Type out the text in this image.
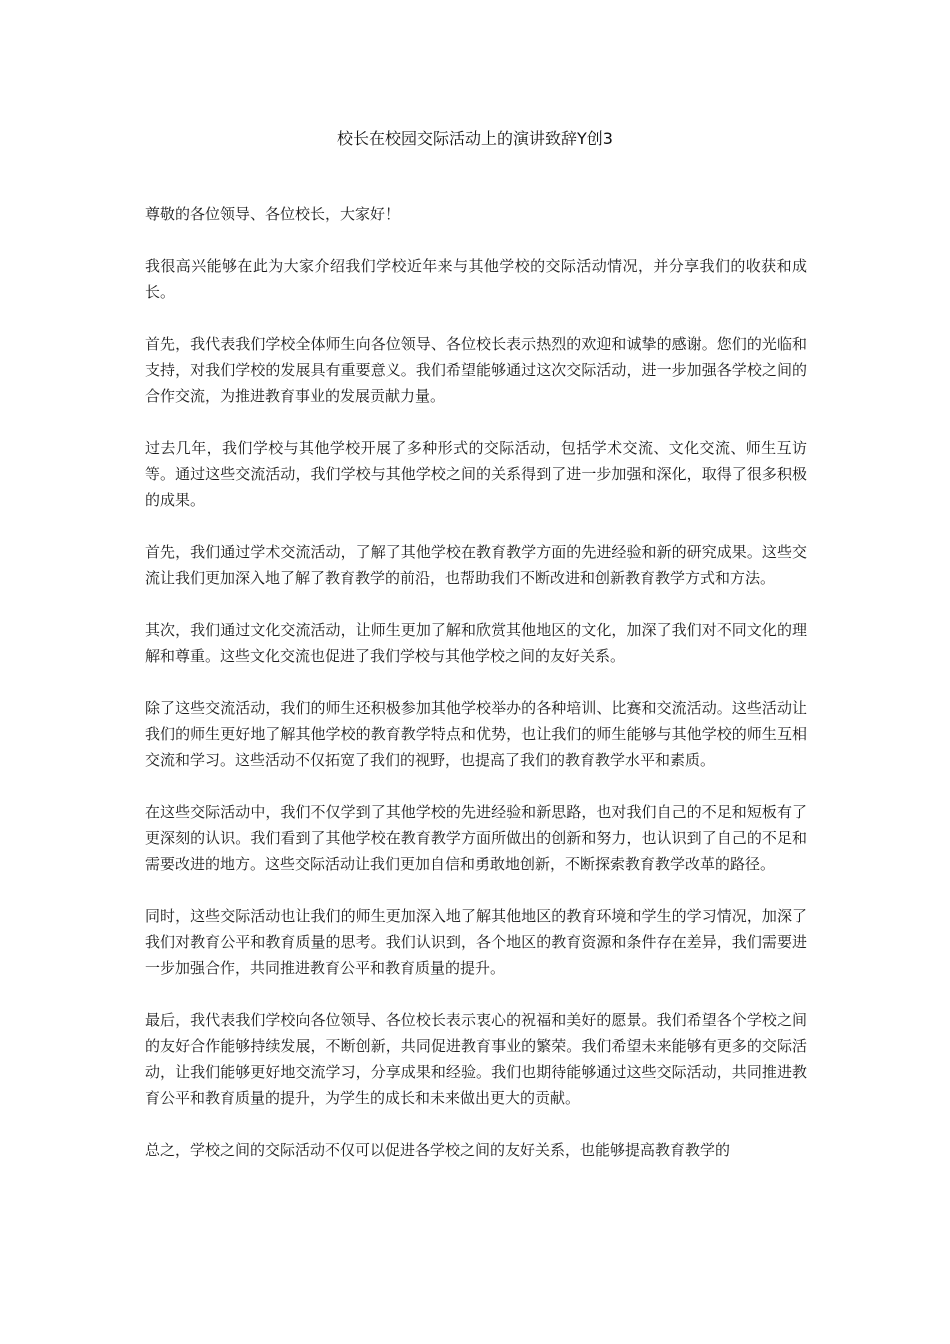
校长在校园交际活动上的演讲致辞Y创3

尊敬的各位领导、各位校长，大家好！

我很高兴能够在此为大家介绍我们学校近年来与其他学校的交际活动情况，并分享我们的收获和成长。

首先，我代表我们学校全体师生向各位领导、各位校长表示热烈的欢迎和诚挚的感谢。您们的光临和支持，对我们学校的发展具有重要意义。我们希望能够通过这次交际活动，进一步加强各学校之间的合作交流，为推进教育事业的发展贡献力量。

过去几年，我们学校与其他学校开展了多种形式的交际活动，包括学术交流、文化交流、师生互访等。通过这些交流活动，我们学校与其他学校之间的关系得到了进一步加强和深化，取得了很多积极的成果。

首先，我们通过学术交流活动，了解了其他学校在教育教学方面的先进经验和新的研究成果。这些交流让我们更加深入地了解了教育教学的前沿，也帮助我们不断改进和创新教育教学方式和方法。

其次，我们通过文化交流活动，让师生更加了解和欣赏其他地区的文化，加深了我们对不同文化的理解和尊重。这些文化交流也促进了我们学校与其他学校之间的友好关系。

除了这些交流活动，我们的师生还积极参加其他学校举办的各种培训、比赛和交流活动。这些活动让我们的师生更好地了解其他学校的教育教学特点和优势，也让我们的师生能够与其他学校的师生互相交流和学习。这些活动不仅拓宽了我们的视野，也提高了我们的教育教学水平和素质。

在这些交际活动中，我们不仅学到了其他学校的先进经验和新思路，也对我们自己的不足和短板有了更深刻的认识。我们看到了其他学校在教育教学方面所做出的创新和努力，也认识到了自己的不足和需要改进的地方。这些交际活动让我们更加自信和勇敢地创新，不断探索教育教学改革的路径。

同时，这些交际活动也让我们的师生更加深入地了解其他地区的教育环境和学生的学习情况，加深了我们对教育公平和教育质量的思考。我们认识到，各个地区的教育资源和条件存在差异，我们需要进一步加强合作，共同推进教育公平和教育质量的提升。

最后，我代表我们学校向各位领导、各位校长表示衷心的祝福和美好的愿景。我们希望各个学校之间的友好合作能够持续发展，不断创新，共同促进教育事业的繁荣。我们希望未来能够有更多的交际活动，让我们能够更好地交流学习，分享成果和经验。我们也期待能够通过这些交际活动，共同推进教育公平和教育质量的提升，为学生的成长和未来做出更大的贡献。

总之，学校之间的交际活动不仅可以促进各学校之间的友好关系，也能够提高教育教学的
